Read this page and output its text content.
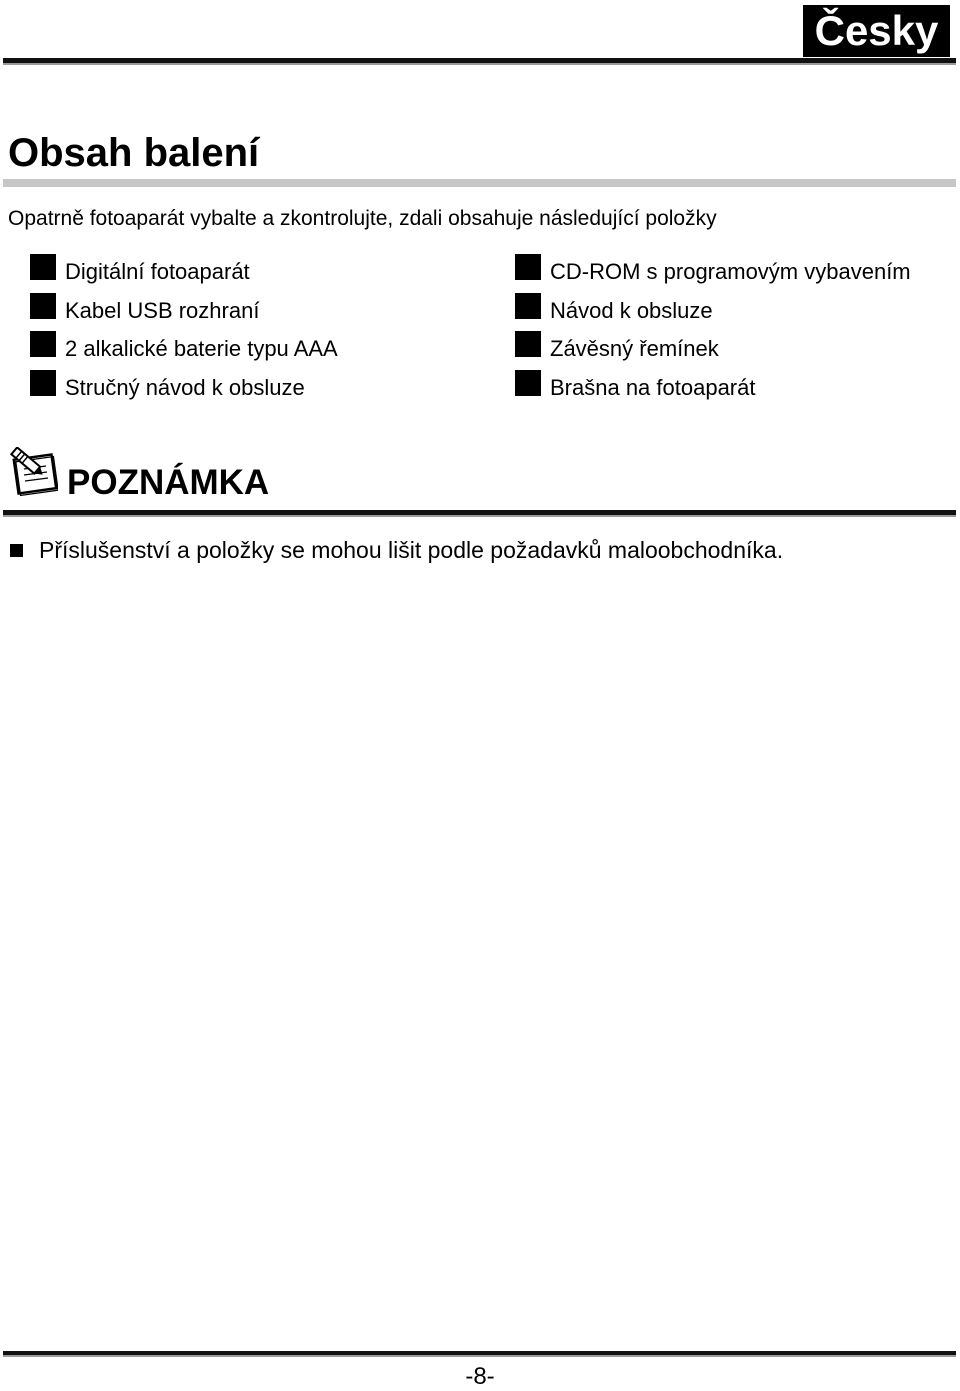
Česky
Obsah balení
Opatrně fotoaparát vybalte a zkontrolujte, zdali obsahuje následující položky
Digitální fotoaparát
Kabel USB rozhraní
2 alkalické baterie typu AAA
Stručný návod k obsluze
CD-ROM s programovým vybavením
Návod k obsluze
Závěsný řemínek
Brašna na fotoaparát
POZNÁMKA
Příslušenství a položky se mohou lišit podle požadavků maloobchodníka.
-8-
